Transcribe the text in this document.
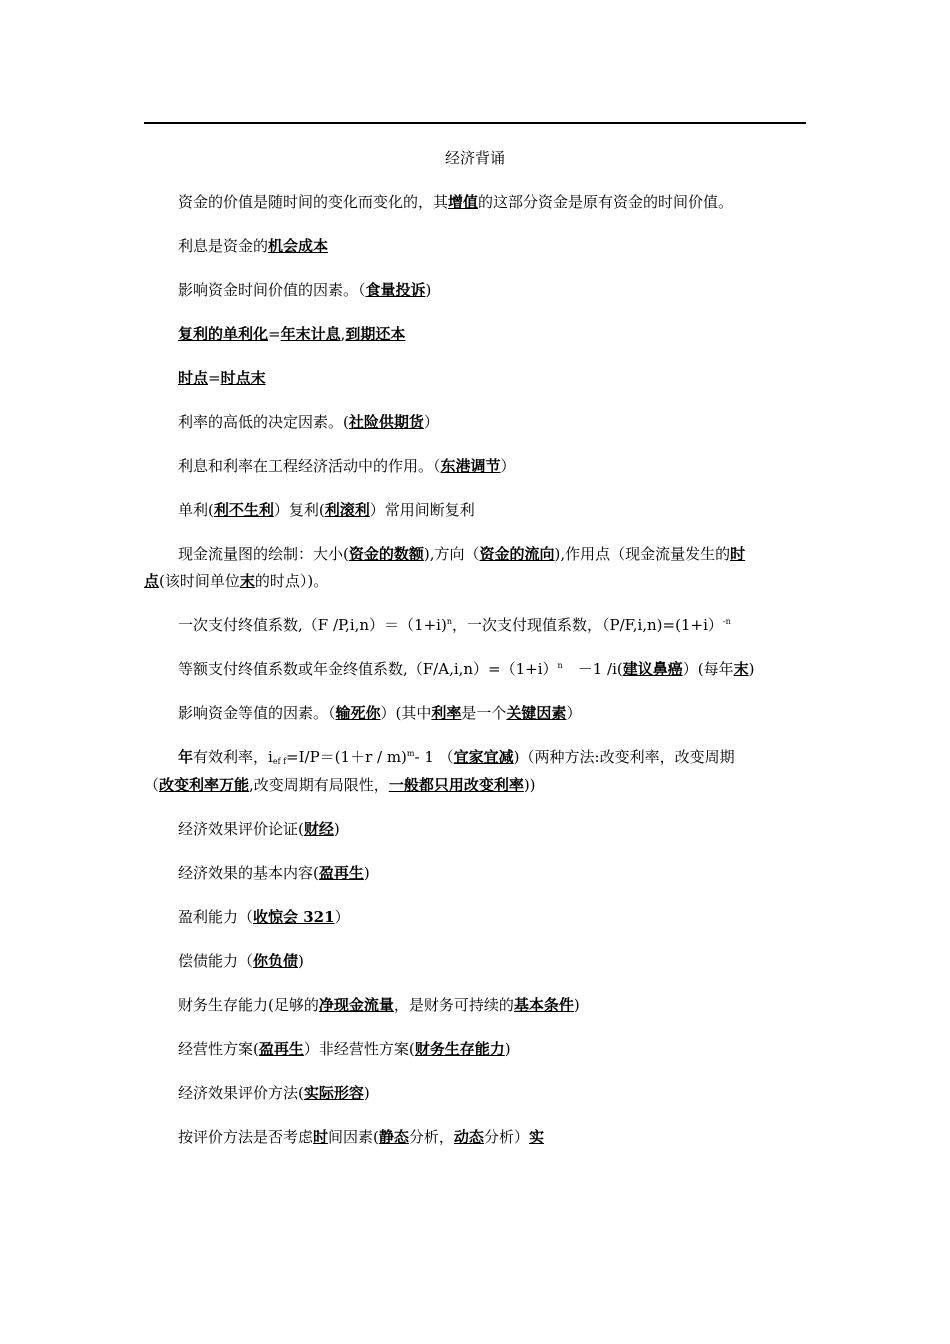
经济背诵
资金的价值是随时间的变化而变化的，其增值的这部分资金是原有资金的时间价值。
利息是资金的机会成本
影响资金时间价值的因素。（食量投诉)
复利的单利化=年末计息,到期还本
时点=时点末
利率的高低的决定因素。(社险供期货）
利息和利率在工程经济活动中的作用。（东港调节）
单利(利不生利）复利(利滚利）常用间断复利
现金流量图的绘制：大小(资金的数额),方向（资金的流向),作用点（现金流量发生的时
点(该时间单位末的时点）)。
一次支付终值系数,（F /P,i,n）＝（1+i)$^n$，一次支付现值系数，（P/F,i,n)=(1+i）$^{-n}$
等额支付终值系数或年金终值系数$,(F/A,i,n)=(1+i)^n$　－1 /i(建议鼻癌）(每年末)
影响资金等值的因素。（输死你）(其中利率是一个关键因素）
年有效利率，$i_{ef f}=I/P=(1+r / m)^m-$ 1 （宜家宜减)（两种方法:改变利率，改变周期
（改变利率万能,改变周期有局限性，一般都只用改变利率))
经济效果评价论证(财经)
经济效果的基本内容(盈再生)
盈利能力（收惊会 321）
偿债能力（你负债)
财务生存能力(足够的净现金流量，是财务可持续的基本条件)
经营性方案(盈再生）非经营性方案(财务生存能力)
经济效果评价方法(实际形容)
按评价方法是否考虑时间因素(静态分析，动态分析）实
